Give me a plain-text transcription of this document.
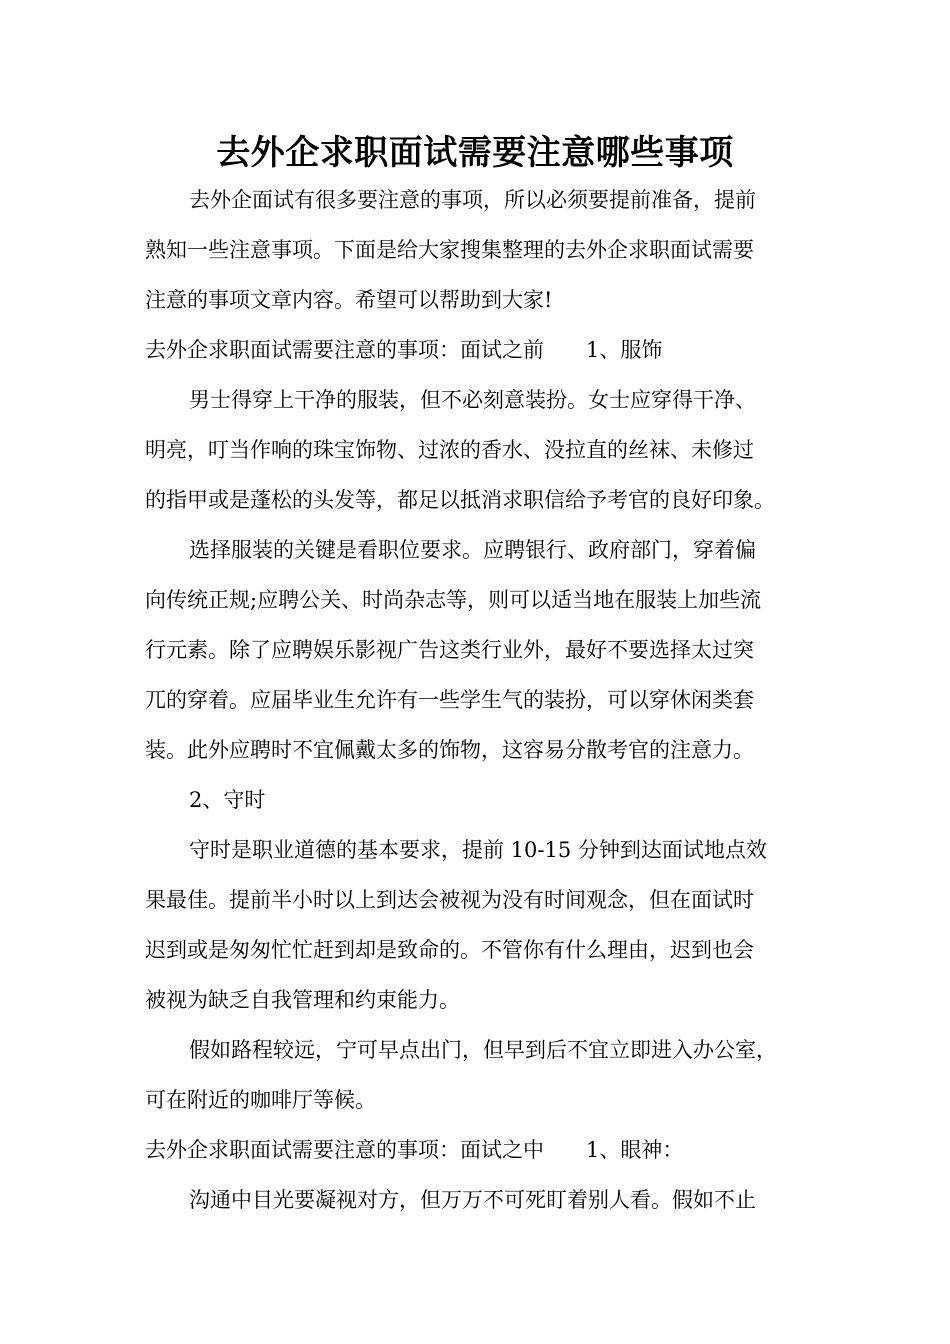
去外企求职面试需要注意哪些事项
去外企面试有很多要注意的事项，所以必须要提前准备，提前
熟知一些注意事项。下面是给大家搜集整理的去外企求职面试需要
注意的事项文章内容。希望可以帮助到大家!
去外企求职面试需要注意的事项：面试之前　　1、服饰
男士得穿上干净的服装，但不必刻意装扮。女士应穿得干净、
明亮，叮当作响的珠宝饰物、过浓的香水、没拉直的丝袜、未修过
的指甲或是蓬松的头发等，都足以抵消求职信给予考官的良好印象。
选择服装的关键是看职位要求。应聘银行、政府部门，穿着偏
向传统正规;应聘公关、时尚杂志等，则可以适当地在服装上加些流
行元素。除了应聘娱乐影视广告这类行业外，最好不要选择太过突
兀的穿着。应届毕业生允许有一些学生气的装扮，可以穿休闲类套
装。此外应聘时不宜佩戴太多的饰物，这容易分散考官的注意力。
2、守时
守时是职业道德的基本要求，提前 10-15 分钟到达面试地点效
果最佳。提前半小时以上到达会被视为没有时间观念，但在面试时
迟到或是匆匆忙忙赶到却是致命的。不管你有什么理由，迟到也会
被视为缺乏自我管理和约束能力。
假如路程较远，宁可早点出门，但早到后不宜立即进入办公室，
可在附近的咖啡厅等候。
去外企求职面试需要注意的事项：面试之中　　1、眼神：
沟通中目光要凝视对方，但万万不可死盯着别人看。假如不止
